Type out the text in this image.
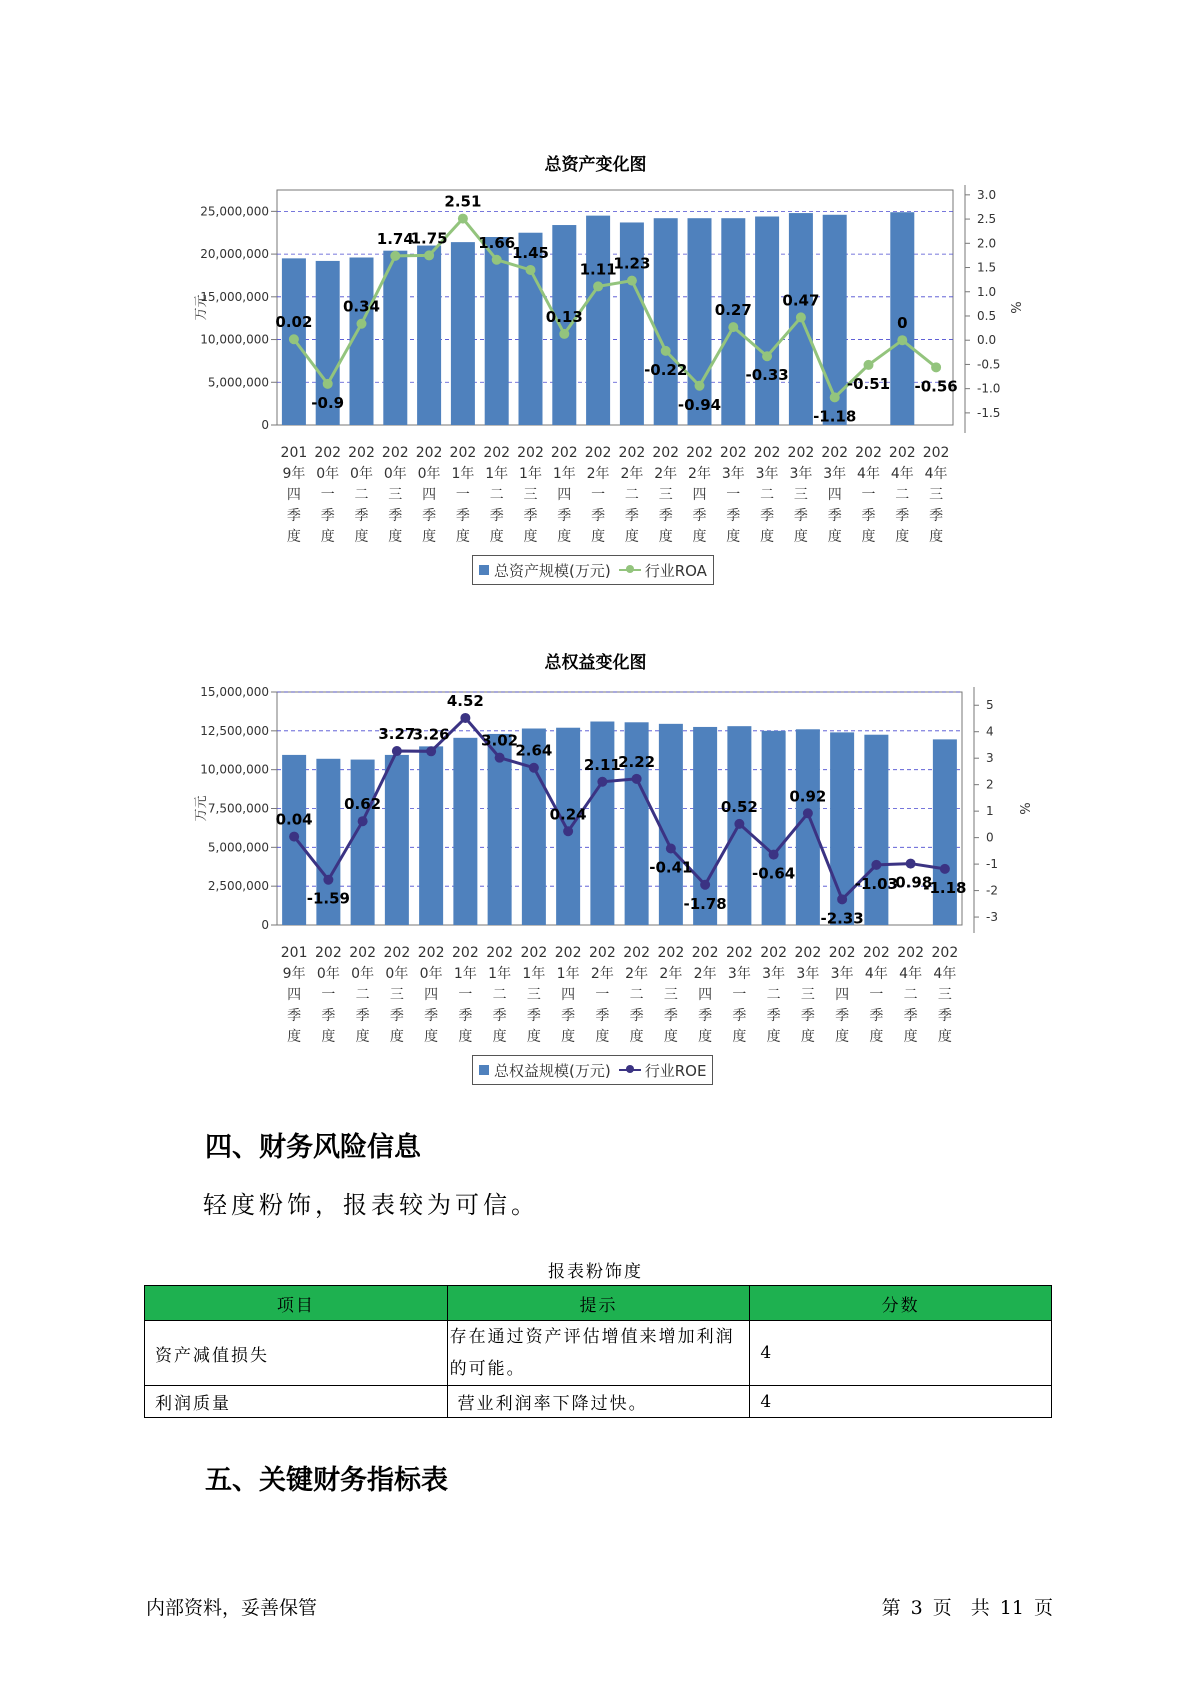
总资产变化图
0
5,000,000
10,000,000
15,000,000
20,000,000
25,000,000
3.0
2.5
2.0
1.5
1.0
0.5
0.0
-0.5
-1.0
-1.5
万元	%
0.02
-0.9
0.34
1.74
1.75
2.51
1.66
1.45
0.13
1.11
1.23
-0.22
-0.94
0.27
-0.33
0.47
-1.18
-0.51
0
-0.56
201
9年
四
季
度
202
0年
一
季
度
202
0年
二
季
度
202
0年
三
季
度
202
0年
四
季
度
202
1年
一
季
度
202
1年
二
季
度
202
1年
三
季
度
202
1年
四
季
度
202
2年
一
季
度
202
2年
二
季
度
202
2年
三
季
度
202
2年
四
季
度
202
3年
一
季
度
202
3年
二
季
度
202
3年
三
季
度
202
3年
四
季
度
202
4年
一
季
度
202
4年
二
季
度
202
4年
三
季
度
总资产规模(万元) 行业ROA
总权益变化图
0
2,500,000
5,000,000
7,500,000
10,000,000
12,500,000
15,000,000
5
4
3
2
1
0
-1
-2
-3
万元	%
0.04
-1.59
0.62
3.27
3.26
4.52
3.02
2.64
0.24
2.11
2.22
-0.41
-1.78
0.52
-0.64
0.92
-2.33
-1.03
-0.98
-1.18
201
9年
四
季
度
202
0年
一
季
度
202
0年
二
季
度
202
0年
三
季
度
202
0年
四
季
度
202
1年
一
季
度
202
1年
二
季
度
202
1年
三
季
度
202
1年
四
季
度
202
2年
一
季
度
202
2年
二
季
度
202
2年
三
季
度
202
2年
四
季
度
202
3年
一
季
度
202
3年
二
季
度
202
3年
三
季
度
202
3年
四
季
度
202
4年
一
季
度
202
4年
二
季
度
202
4年
三
季
度
总权益规模(万元) 行业ROE
四、财务风险信息
轻度粉饰，报表较为可信。
报表粉饰度
项目	提示	分数
资产减值损失	存在通过资产评估增值来增加利润的可能。	4
利润质量	营业利润率下降过快。	4
五、关键财务指标表
内部资料，妥善保管	第 3 页　共 11 页
